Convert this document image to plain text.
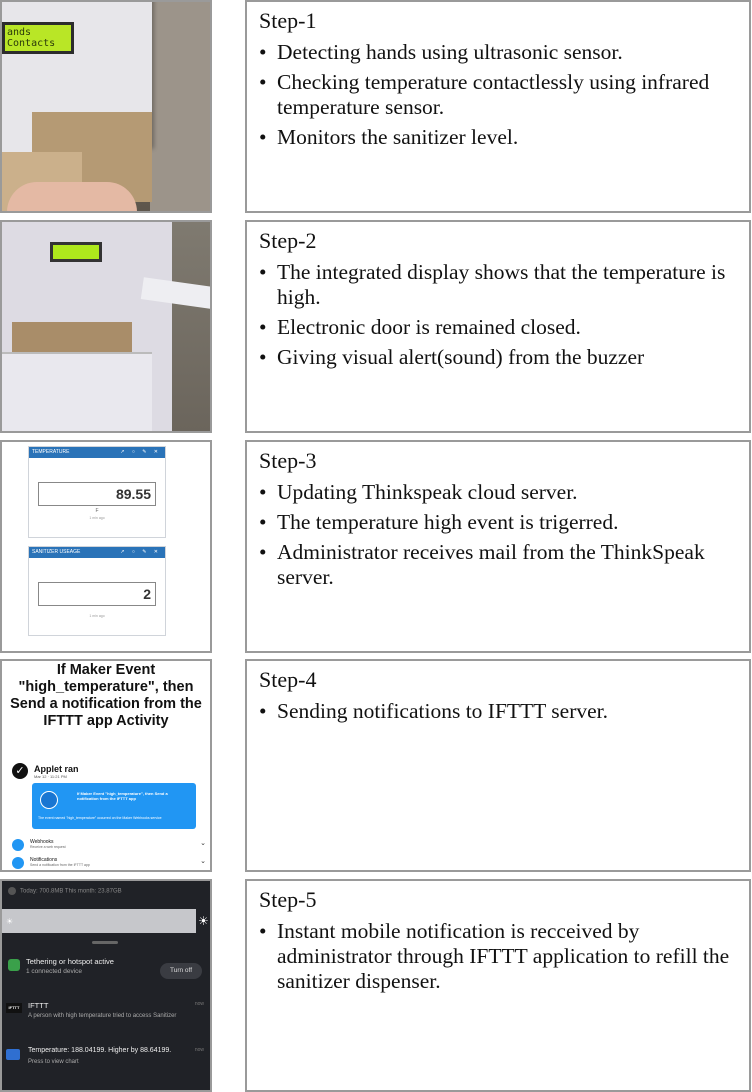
ands
Contacts
Step-1
• Detecting hands using ultrasonic sensor.
• Checking temperature contactlessly using infrared temperature sensor.
• Monitors the sanitizer level.
Step-2
• The integrated display shows that the temperature is high.
• Electronic door is remained closed.
• Giving visual alert(sound) from the buzzer
TEMPERATURE	↗ ○ ✎ ✕
89.55
F
1 min ago
SANITIZER USEAGE	↗ ○ ✎ ✕
2
1 min ago
Step-3
• Updating Thinkspeak cloud server.
• The temperature high event is trigerred.
• Administrator receives mail from the ThinkSpeak server.
If Maker Event "high_temperature", then Send a notification from the IFTTT app Activity
✓	Applet ran
Mar 12 · 11:21 PM
If Maker Event "high_temperature", then Send a notification from the IFTTT app
The event named "high_temperature" occurred on the Maker Webhooks service
Webhooks
Receive a web request	⌄
Notifications
Send a notification from the IFTTT app	⌄
Step-4
• Sending notifications to IFTTT server.
Today: 700.8MB This month: 23.87GB
☀	☀
Tethering or hotspot active
1 connected device	Turn off
IFTTT	IFTTT	now
A person with high temperature tried to access Sanitizer
Temperature: 188.04199. Higher by 88.64199.	now
Press to view chart
Step-5
• Instant mobile notification is recceived by administrator through IFTTT application to refill the sanitizer dispenser.
